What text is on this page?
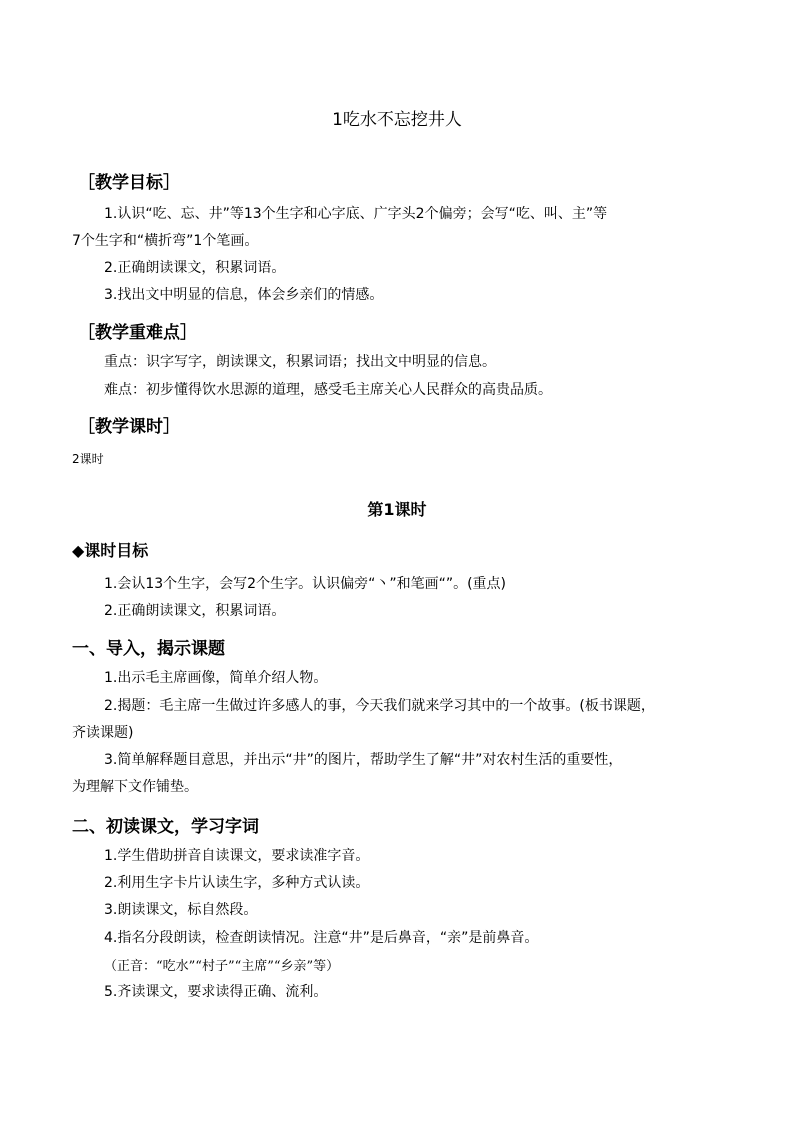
1吃水不忘挖井人
［教学目标］
1.认识“吃、忘、井”等13个生字和心字底、广字头2个偏旁；会写“吃、叫、主”等
7个生字和“横折弯”1个笔画。
2.正确朗读课文，积累词语。
3.找出文中明显的信息，体会乡亲们的情感。
［教学重难点］
重点：识字写字，朗读课文，积累词语；找出文中明显的信息。
难点：初步懂得饮水思源的道理，感受毛主席关心人民群众的高贵品质。
［教学课时］
2课时
第1课时
◆课时目标
1.会认13个生字，会写2个生字。认识偏旁“丶”和笔画“”。(重点)
2.正确朗读课文，积累词语。
一、导入，揭示课题
1.出示毛主席画像，简单介绍人物。
2.揭题：毛主席一生做过许多感人的事，今天我们就来学习其中的一个故事。(板书课题，
齐读课题)
3.简单解释题目意思，并出示“井”的图片，帮助学生了解“井”对农村生活的重要性，
为理解下文作铺垫。
二、初读课文，学习字词
1.学生借助拼音自读课文，要求读准字音。
2.利用生字卡片认读生字，多种方式认读。
3.朗读课文，标自然段。
4.指名分段朗读，检查朗读情况。注意“井”是后鼻音，“亲”是前鼻音。
（正音：“吃水”“村子”“主席”“乡亲”等）
5.齐读课文，要求读得正确、流利。
